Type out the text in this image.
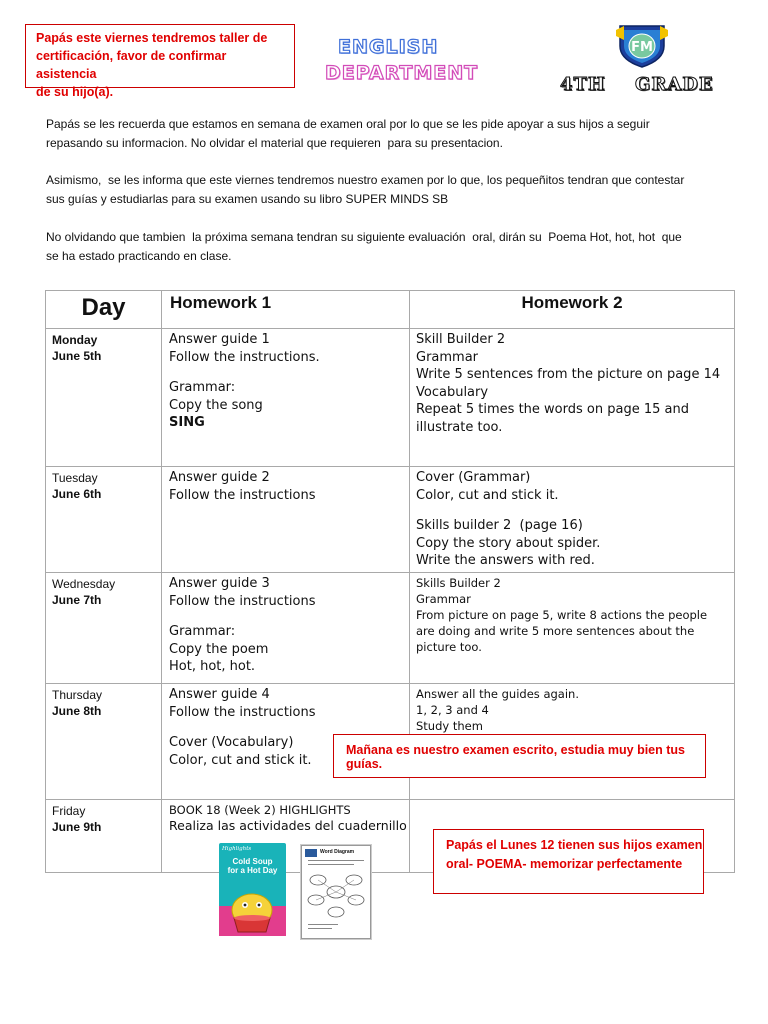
Papás este viernes tendremos taller de
certificación, favor de confirmar asistencia
de su hijo(a).
ENGLISH
DEPARTMENT
FM
4TH    GRADE
Papás se les recuerda que estamos en semana de examen oral por lo que se les pide apoyar a sus hijos a seguir
repasando su informacion. No olvidar el material que requieren  para su presentacion.
Asimismo,  se les informa que este viernes tendremos nuestro examen por lo que, los pequeñitos tendran que contestar
sus guías y estudiarlas para su examen usando su libro SUPER MINDS SB
No olvidando que tambien  la próxima semana tendran su siguiente evaluación  oral, dirán su  Poema Hot, hot, hot  que
se ha estado practicando en clase.
Day	Homework 1	Homework 2

Monday
June 5th	Answer guide 1
Follow the instructions.
Grammar:
Copy the song
SING	Skill Builder 2
Grammar
Write 5 sentences from the picture on page 14
Vocabulary
Repeat 5 times the words on page 15 and illustrate too.

Tuesday
June 6th	Answer guide 2
Follow the instructions	Cover (Grammar)
Color, cut and stick it.
Skills builder 2  (page 16)
Copy the story about spider.
Write the answers with red.

Wednesday
June 7th	Answer guide 3
Follow the instructions
Grammar:
Copy the poem
Hot, hot, hot.	Skills Builder 2
Grammar
From picture on page 5, write 8 actions the people are doing and write 5 more sentences about the picture too.

Thursday
June 8th	Answer guide 4
Follow the instructions
Cover (Vocabulary)
Color, cut and stick it.	Answer all the guides again.
1, 2, 3 and 4
Study them

Friday
June 9th	BOOK 18 (Week 2) HIGHLIGHTS
Realiza las actividades del cuadernillo	

Mañana es nuestro examen escrito, estudia muy bien tus guías.
Papás el Lunes 12 tienen sus hijos examen
oral- POEMA- memorizar perfectamente
Highlights
Cold Soup
for a Hot Day
Word Diagram
